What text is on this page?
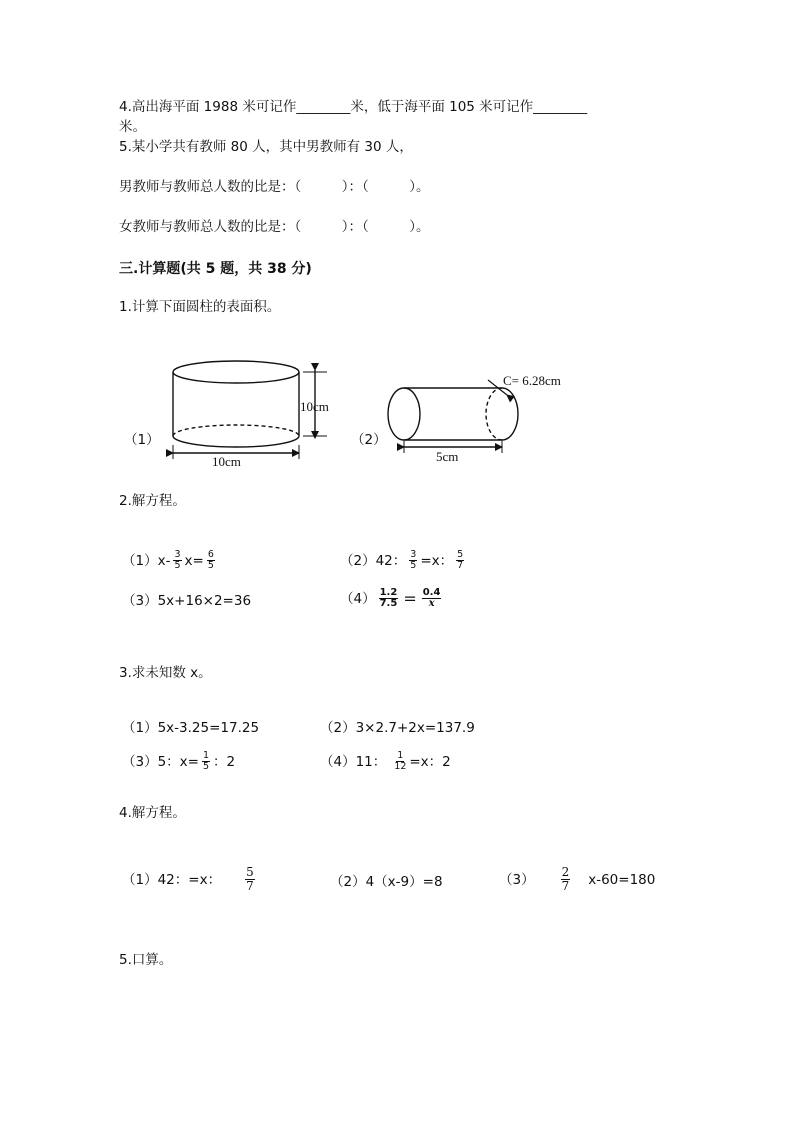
4.高出海平面 1988 米可记作________米，低于海平面 105 米可记作________
米。
5.某小学共有教师 80 人，其中男教师有 30 人，
男教师与教师总人数的比是：（　　　）：（　　　）。
女教师与教师总人数的比是：（　　　）：（　　　）。
三.计算题(共 5 题，共 38 分)
1.计算下面圆柱的表面积。
（1）
10cm
10cm
（2）
C= 6.28cm
5cm
2.解方程。
$(1)x- \frac{3}{5} x= \frac{6}{5}$	（2）42： $\frac{3}{5} =x$： $\frac{5}{7}$
（3）5x+16×2=36	$(4) \frac{1.2}{7.5} = \frac{0.4}{x}$
3.求未知数 x。
（1）5x-3.25=17.25	（2）3×2.7+2x=137.9
（3）5：$x= \frac{1}{5}$ ：2	（4）11： $\frac{1}{12} =x$：2
4.解方程。
（1）42：=x： $\frac{5}{7}$	（2）4（x-9）=8	$(3) \frac{2}{7} x-60=180$
5.口算。
